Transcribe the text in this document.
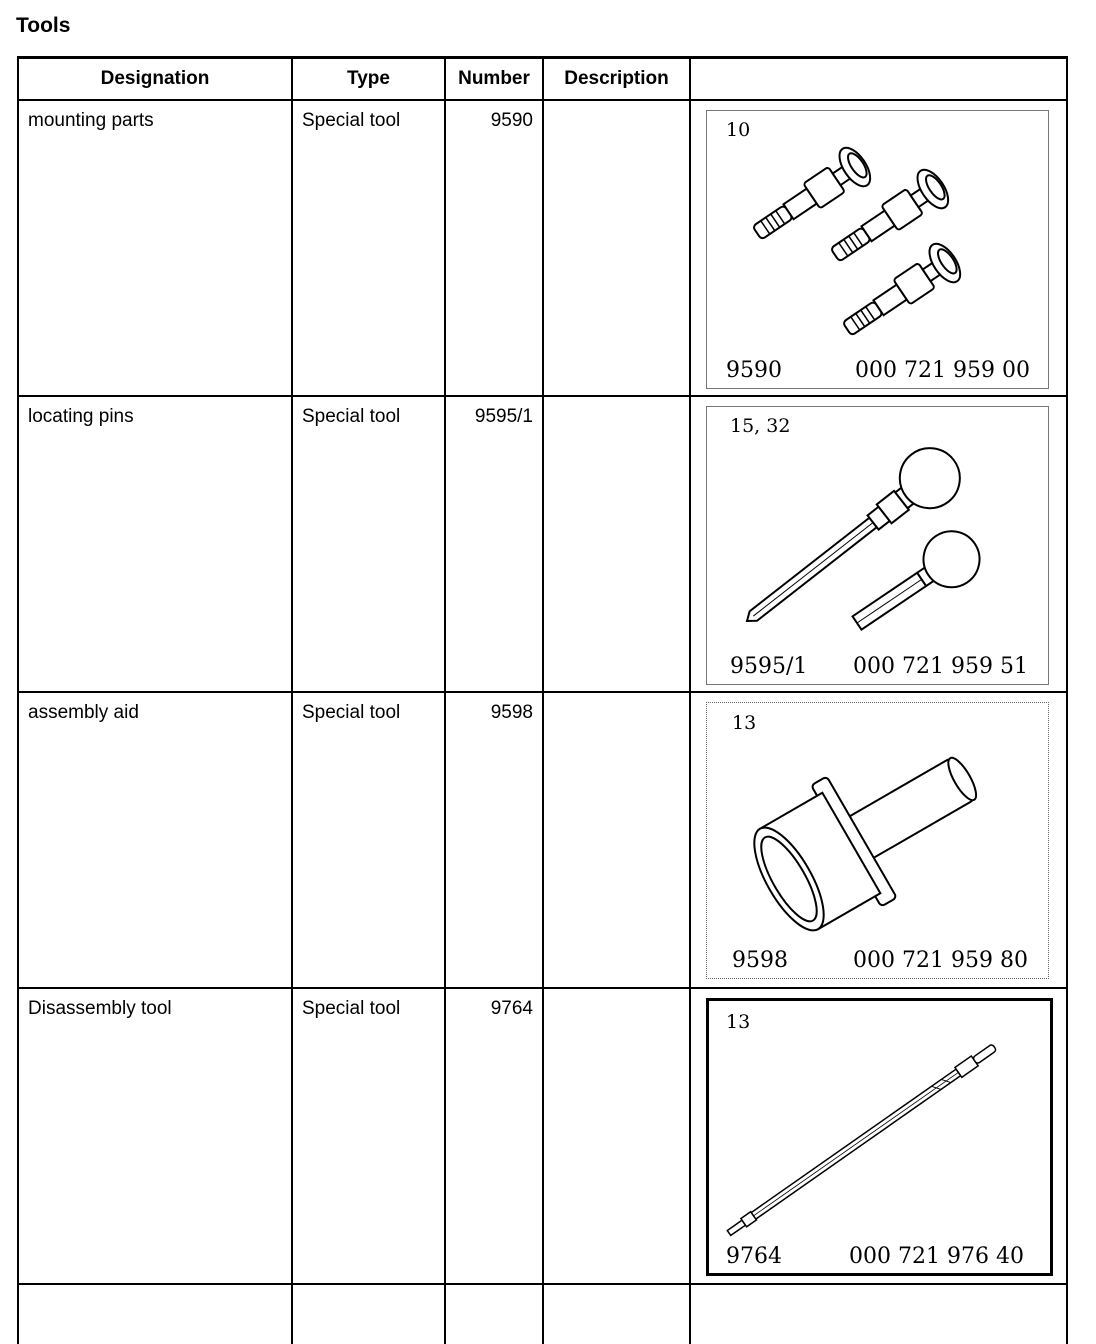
Tools
Designation	Type	Number	Description	
mounting parts	Special tool	9590		10
9590 000 721 959 00

locating pins	Special tool	9595/1		15, 32
9595/1 000 721 959 51

assembly aid	Special tool	9598		13
9598 000 721 959 80

Disassembly tool	Special tool	9764		13
9764 000 721 976 40
